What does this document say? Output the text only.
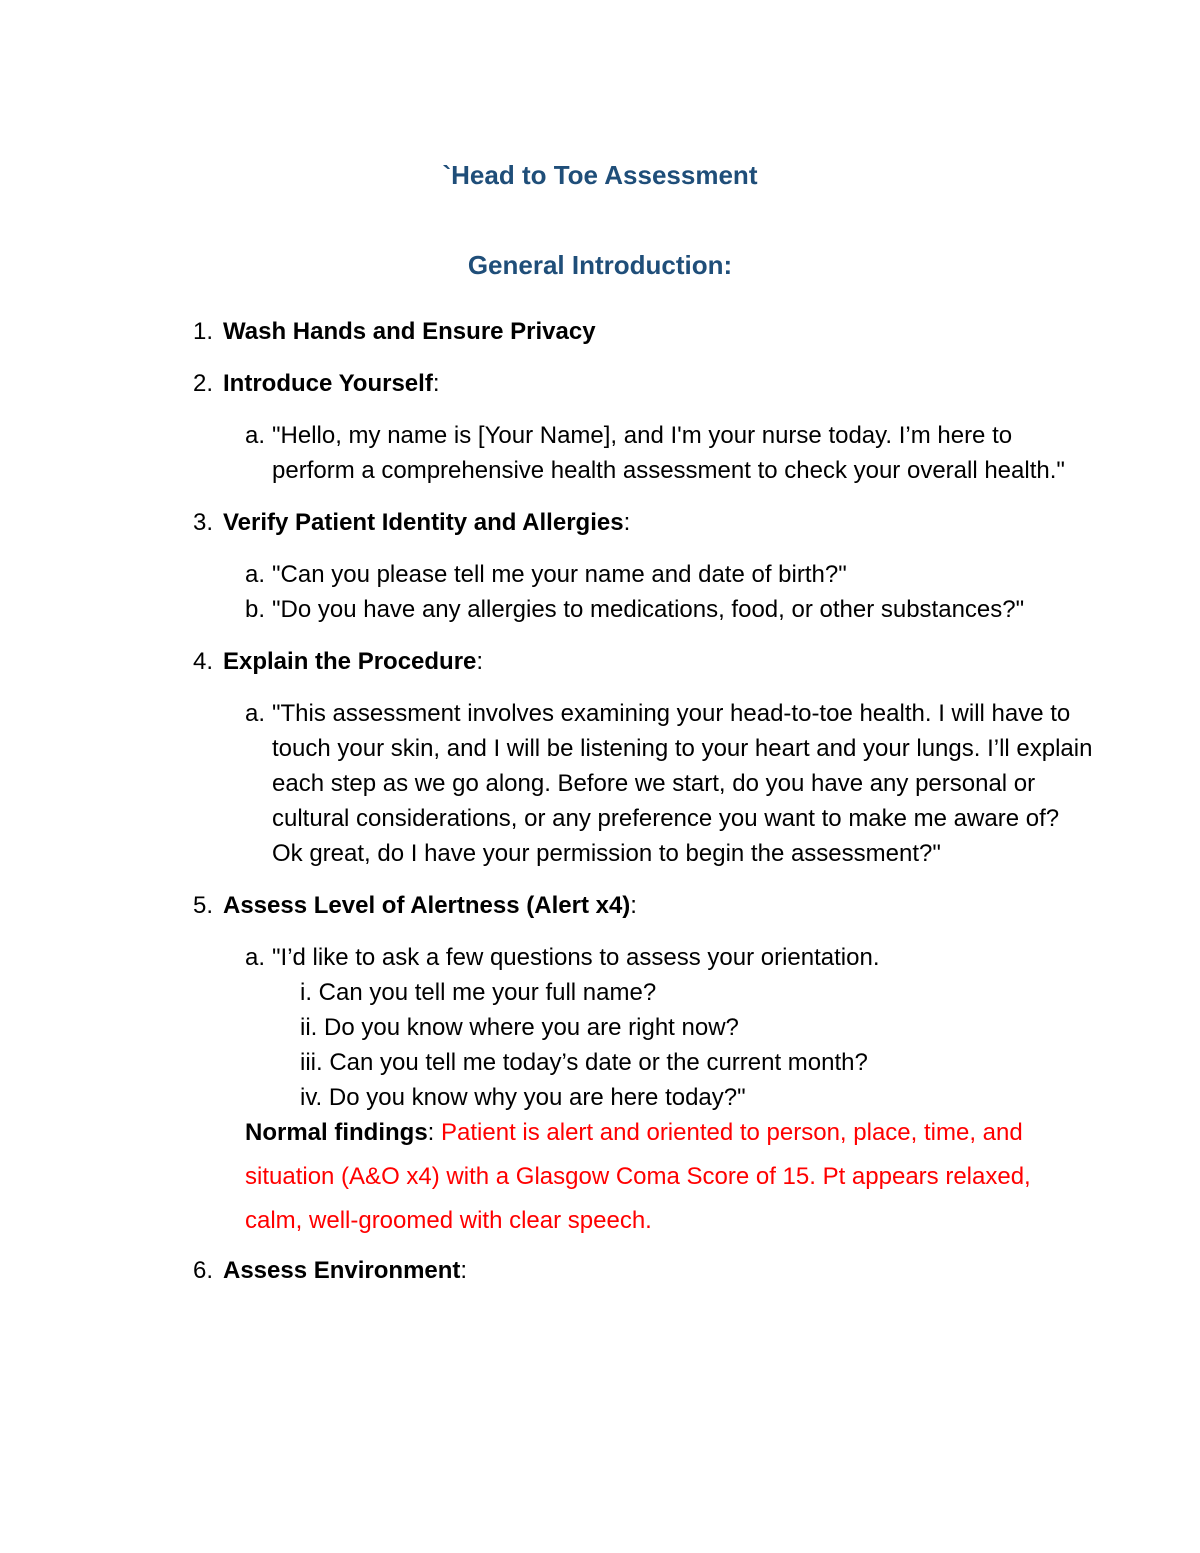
`Head to Toe Assessment
General Introduction:
1. Wash Hands and Ensure Privacy
2. Introduce Yourself:
a. "Hello, my name is [Your Name], and I'm your nurse today. I’m here to perform a comprehensive health assessment to check your overall health."
3. Verify Patient Identity and Allergies:
a. "Can you please tell me your name and date of birth?"
b. "Do you have any allergies to medications, food, or other substances?"
4. Explain the Procedure:
a. "This assessment involves examining your head-to-toe health. I will have to touch your skin, and I will be listening to your heart and your lungs. I’ll explain each step as we go along. Before we start, do you have any personal or cultural considerations, or any preference you want to make me aware of? Ok great, do I have your permission to begin the assessment?"
5. Assess Level of Alertness (Alert x4):
a. "I’d like to ask a few questions to assess your orientation.
i. Can you tell me your full name?
ii. Do you know where you are right now?
iii. Can you tell me today’s date or the current month?
iv. Do you know why you are here today?"
Normal findings: Patient is alert and oriented to person, place, time, and situation (A&O x4) with a Glasgow Coma Score of 15. Pt appears relaxed, calm, well-groomed with clear speech.
6. Assess Environment:
